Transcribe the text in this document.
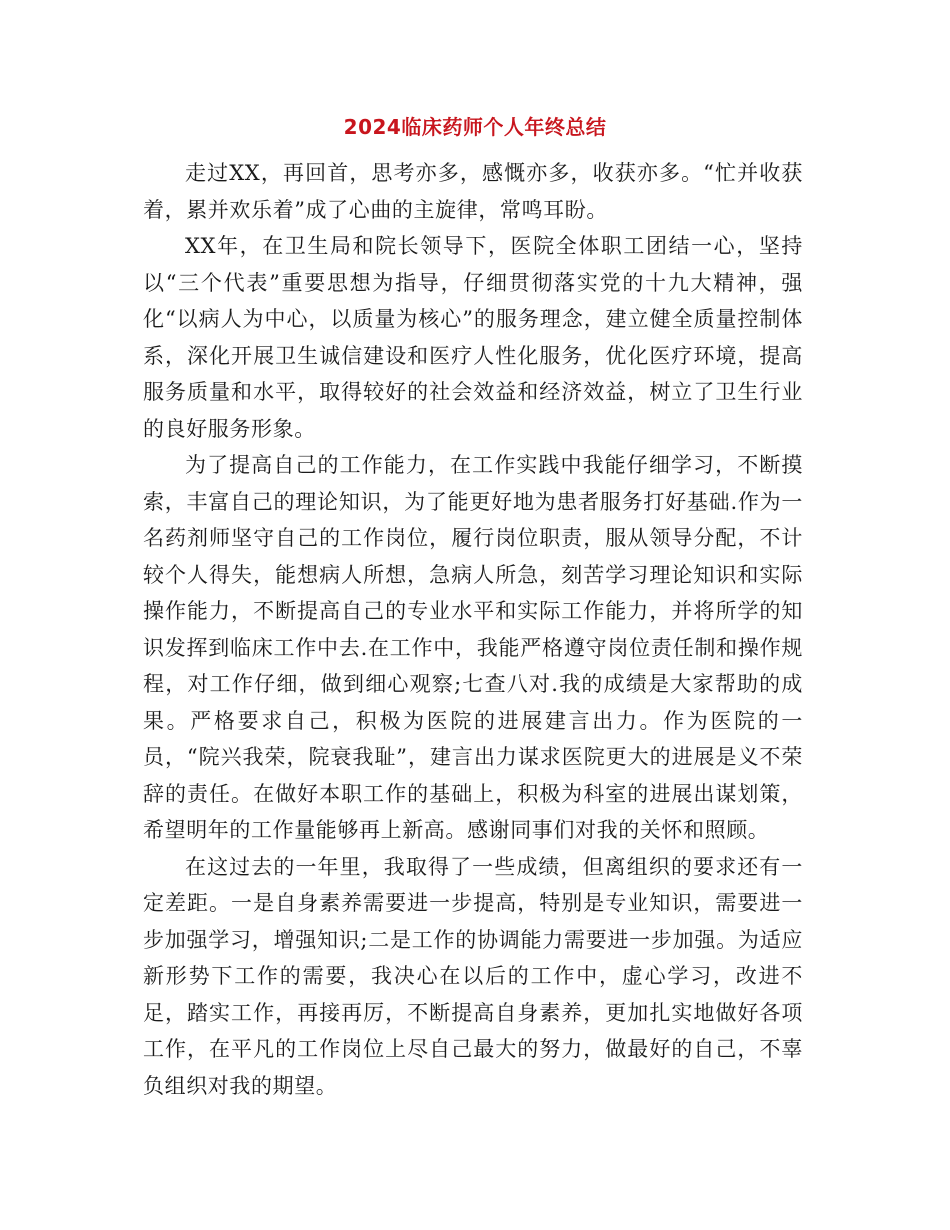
2024临床药师个人年终总结

走过XX，再回首，思考亦多，感慨亦多，收获亦多。“忙并收获着，累并欢乐着”成了心曲的主旋律，常鸣耳盼。

XX年，在卫生局和院长领导下，医院全体职工团结一心，坚持以“三个代表”重要思想为指导，仔细贯彻落实党的十九大精神，强化“以病人为中心，以质量为核心”的服务理念，建立健全质量控制体系，深化开展卫生诚信建设和医疗人性化服务，优化医疗环境，提高服务质量和水平，取得较好的社会效益和经济效益，树立了卫生行业的良好服务形象。

为了提高自己的工作能力，在工作实践中我能仔细学习，不断摸索，丰富自己的理论知识，为了能更好地为患者服务打好基础.作为一名药剂师坚守自己的工作岗位，履行岗位职责，服从领导分配，不计较个人得失，能想病人所想，急病人所急，刻苦学习理论知识和实际操作能力，不断提高自己的专业水平和实际工作能力，并将所学的知识发挥到临床工作中去.在工作中，我能严格遵守岗位责任制和操作规程，对工作仔细，做到细心观察;七查八对.我的成绩是大家帮助的成果。严格要求自己，积极为医院的进展建言出力。作为医院的一员，“院兴我荣，院衰我耻”，建言出力谋求医院更大的进展是义不荣辞的责任。在做好本职工作的基础上，积极为科室的进展出谋划策，希望明年的工作量能够再上新高。感谢同事们对我的关怀和照顾。

在这过去的一年里，我取得了一些成绩，但离组织的要求还有一定差距。一是自身素养需要进一步提高，特别是专业知识，需要进一步加强学习，增强知识;二是工作的协调能力需要进一步加强。为适应新形势下工作的需要，我决心在以后的工作中，虚心学习，改进不足，踏实工作，再接再厉，不断提高自身素养，更加扎实地做好各项工作，在平凡的工作岗位上尽自己最大的努力，做最好的自己，不辜负组织对我的期望。
